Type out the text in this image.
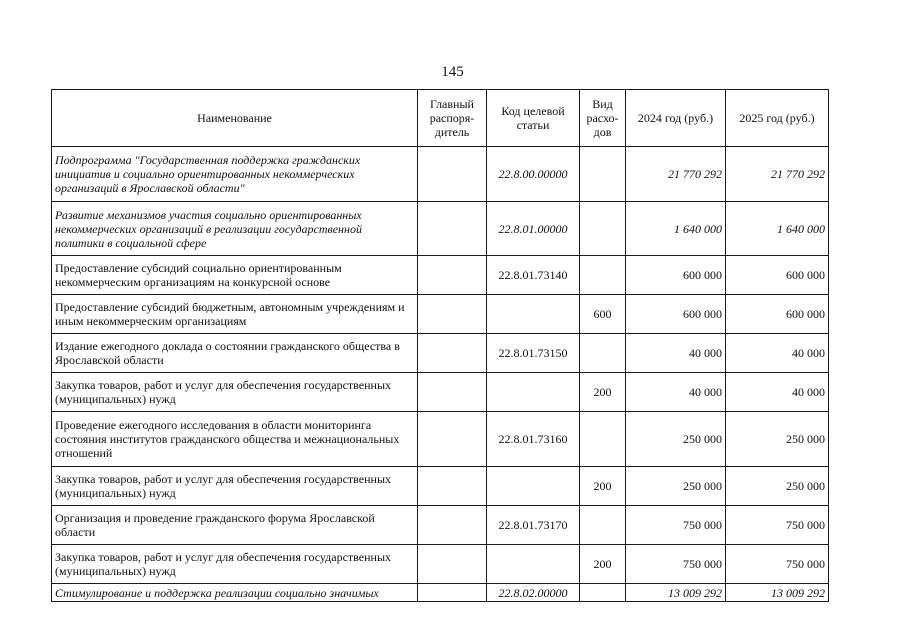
145
Наименование	Главный распоря-дитель	Код целевой статьи	Вид расхо-дов	2024 год (руб.)	2025 год (руб.)
Подпрограмма "Государственная поддержка гражданских инициатив и социально ориентированных некоммерческих организаций в Ярославской области"		22.8.00.00000		21 770 292	21 770 292
Развитие механизмов участия социально ориентированных некоммерческих организаций в реализации государственной политики в социальной сфере		22.8.01.00000		1 640 000	1 640 000
Предоставление субсидий социально ориентированным некоммерческим организациям на конкурсной основе		22.8.01.73140		600 000	600 000
Предоставление субсидий бюджетным, автономным учреждениям и иным некоммерческим организациям			600	600 000	600 000
Издание ежегодного доклада о состоянии гражданского общества в Ярославской области		22.8.01.73150		40 000	40 000
Закупка товаров, работ и услуг для обеспечения государственных (муниципальных) нужд			200	40 000	40 000
Проведение ежегодного исследования в области мониторинга состояния институтов гражданского общества и межнациональных отношений		22.8.01.73160		250 000	250 000
Закупка товаров, работ и услуг для обеспечения государственных (муниципальных) нужд			200	250 000	250 000
Организация и проведение гражданского форума Ярославской области		22.8.01.73170		750 000	750 000
Закупка товаров, работ и услуг для обеспечения государственных (муниципальных) нужд			200	750 000	750 000
Стимулирование и поддержка реализации социально значимых		22.8.02.00000		13 009 292	13 009 292
